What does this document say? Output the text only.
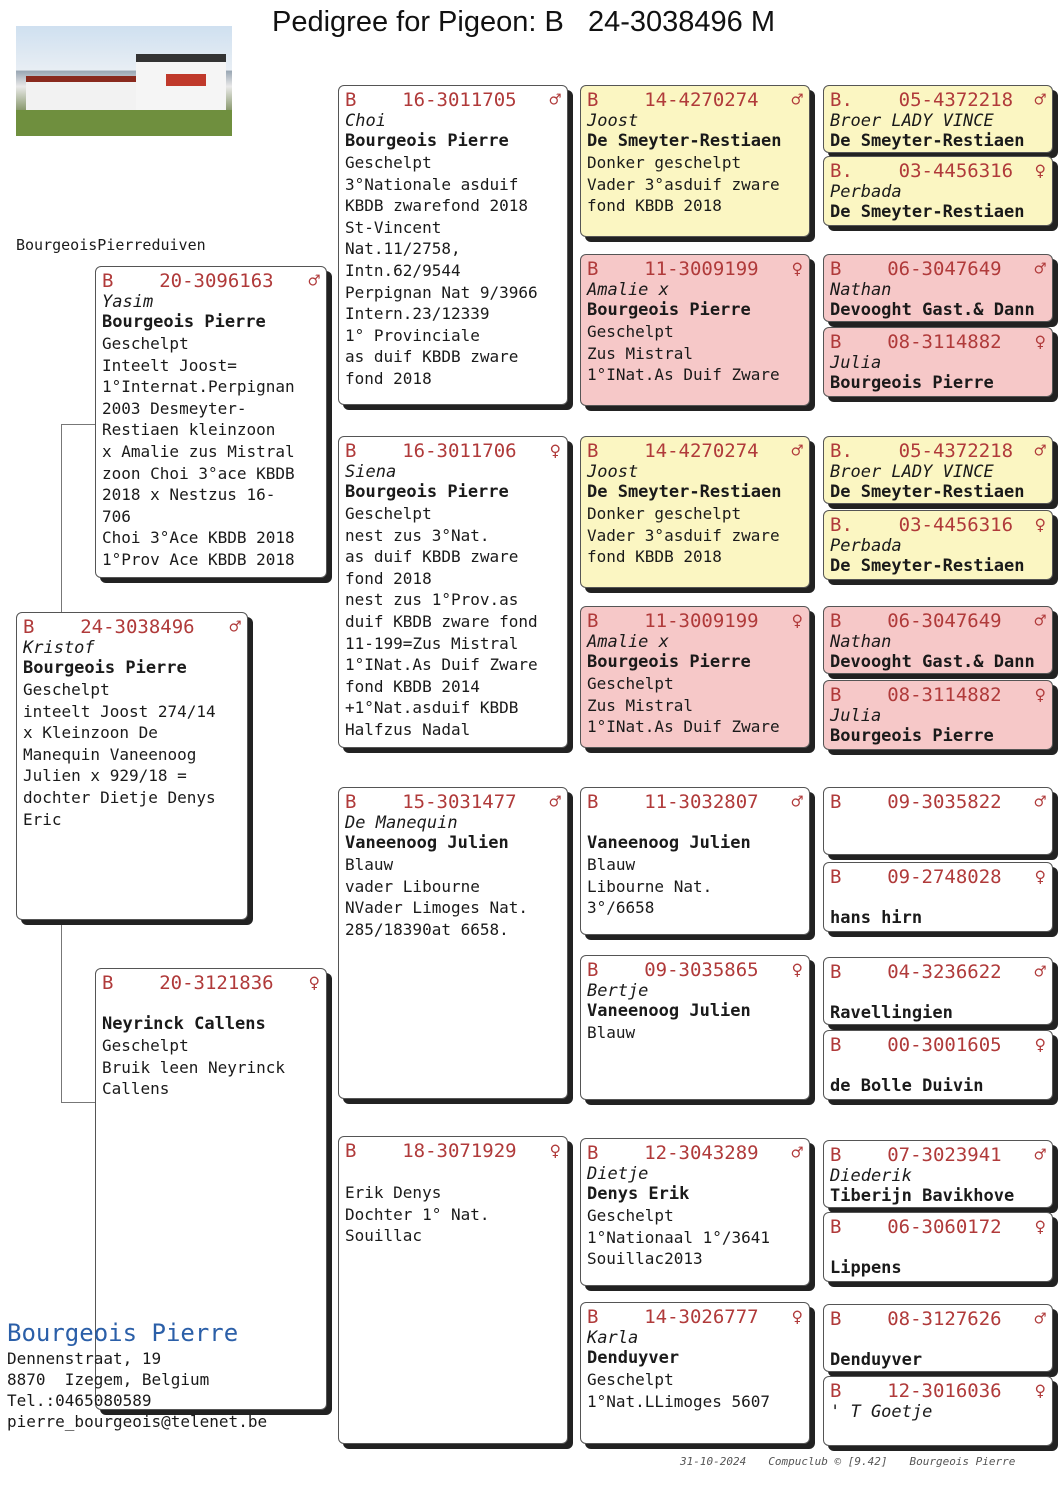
Pedigree for Pigeon: B   24-3038496 M
BourgeoisPierreduiven
B 24-3038496 ♂
Kristof
Bourgeois Pierre
Geschelpt
inteelt Joost 274/14
x Kleinzoon De
Manequin Vaneenoog
Julien x 929/18 =
dochter Dietje Denys
Eric
B 20-3096163 ♂
Yasim
Bourgeois Pierre
Geschelpt
Inteelt Joost=
1°Internat.Perpignan
2003 Desmeyter-
Restiaen kleinzoon
x Amalie zus Mistral
zoon Choi 3°ace KBDB
2018 x Nestzus 16-
706
Choi 3°Ace KBDB 2018
1°Prov Ace KBDB 2018
B 20-3121836 ♀

Neyrinck Callens
Geschelpt
Bruik leen Neyrinck
Callens
B 16-3011705 ♂
Choi
Bourgeois Pierre
Geschelpt
3°Nationale asduif
KBDB zwarefond 2018
St-Vincent
Nat.11/2758,
Intn.62/9544
Perpignan Nat 9/3966
Intern.23/12339
1° Provinciale
as duif KBDB zware
fond 2018
B 16-3011706 ♀
Siena
Bourgeois Pierre
Geschelpt
nest zus 3°Nat.
as duif KBDB zware
fond 2018
nest zus 1°Prov.as
duif KBDB zware fond
11-199=Zus Mistral
1°INat.As Duif Zware
fond KBDB 2014
+1°Nat.asduif KBDB
Halfzus Nadal
B 15-3031477 ♂
De Manequin
Vaneenoog Julien
Blauw
vader Libourne
NVader Limoges Nat.
285/18390at 6658.
B 18-3071929 ♀

Erik Denys
Dochter 1° Nat.
Souillac
B 14-4270274 ♂
Joost
De Smeyter-Restiaen
Donker geschelpt
Vader 3°asduif zware
fond KBDB 2018
B 11-3009199 ♀
Amalie x
Bourgeois Pierre
Geschelpt
Zus Mistral
1°INat.As Duif Zware
B 14-4270274 ♂
Joost
De Smeyter-Restiaen
Donker geschelpt
Vader 3°asduif zware
fond KBDB 2018
B 11-3009199 ♀
Amalie x
Bourgeois Pierre
Geschelpt
Zus Mistral
1°INat.As Duif Zware
B 11-3032807 ♂

Vaneenoog Julien
Blauw
Libourne Nat.
3°/6658
B 09-3035865 ♀
Bertje
Vaneenoog Julien
Blauw
B 12-3043289 ♂
Dietje
Denys Erik
Geschelpt
1°Nationaal 1°/3641
Souillac2013
B 14-3026777 ♀
Karla
Denduyver
Geschelpt
1°Nat.LLimoges 5607
B. 05-4372218 ♂
Broer LADY VINCE
De Smeyter-Restiaen
B. 03-4456316 ♀
Perbada
De Smeyter-Restiaen
B 06-3047649 ♂
Nathan
Devooght Gast.& Dann
B 08-3114882 ♀
Julia
Bourgeois Pierre
B. 05-4372218 ♂
Broer LADY VINCE
De Smeyter-Restiaen
B. 03-4456316 ♀
Perbada
De Smeyter-Restiaen
B 06-3047649 ♂
Nathan
Devooght Gast.& Dann
B 08-3114882 ♀
Julia
Bourgeois Pierre
B 09-3035822 ♂

B 09-2748028 ♀

hans hirn
B 04-3236622 ♂

Ravellingien
B 00-3001605 ♀

de Bolle Duivin
B 07-3023941 ♂
Diederik
Tiberijn Bavikhove
B 06-3060172 ♀

Lippens
B 08-3127626 ♂

Denduyver
B 12-3016036 ♀
' T Goetje
Bourgeois Pierre
Dennenstraat, 19
8870  Izegem, Belgium
Tel.:0465080589
pierre_bourgeois@telenet.be
31-10-2024 Compuclub © [9.42] Bourgeois Pierre
